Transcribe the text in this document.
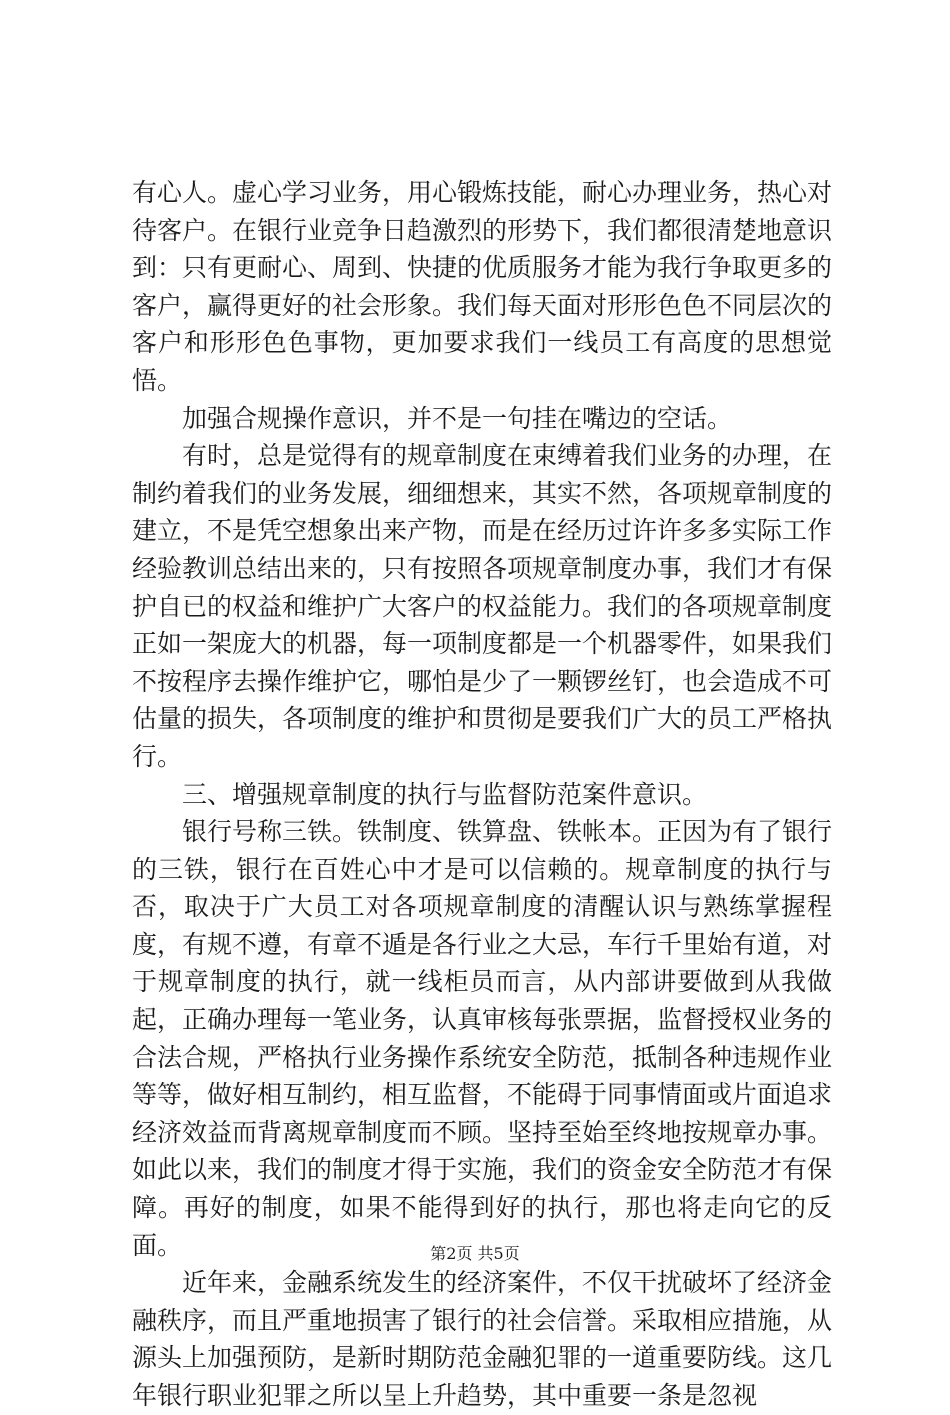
有心人。虚心学习业务，用心锻炼技能，耐心办理业务，热心对待客户。在银行业竞争日趋激烈的形势下，我们都很清楚地意识到：只有更耐心、周到、快捷的优质服务才能为我行争取更多的客户，赢得更好的社会形象。我们每天面对形形色色不同层次的客户和形形色色事物，更加要求我们一线员工有高度的思想觉悟。

加强合规操作意识，并不是一句挂在嘴边的空话。

有时，总是觉得有的规章制度在束缚着我们业务的办理，在制约着我们的业务发展，细细想来，其实不然，各项规章制度的建立，不是凭空想象出来产物，而是在经历过许许多多实际工作经验教训总结出来的，只有按照各项规章制度办事，我们才有保护自已的权益和维护广大客户的权益能力。我们的各项规章制度正如一架庞大的机器，每一项制度都是一个机器零件，如果我们不按程序去操作维护它，哪怕是少了一颗锣丝钉，也会造成不可估量的损失，各项制度的维护和贯彻是要我们广大的员工严格执行。

三、增强规章制度的执行与监督防范案件意识。

银行号称三铁。铁制度、铁算盘、铁帐本。正因为有了银行的三铁，银行在百姓心中才是可以信赖的。规章制度的执行与否，取决于广大员工对各项规章制度的清醒认识与熟练掌握程度，有规不遵，有章不遁是各行业之大忌，车行千里始有道，对于规章制度的执行，就一线柜员而言，从内部讲要做到从我做起，正确办理每一笔业务，认真审核每张票据，监督授权业务的合法合规，严格执行业务操作系统安全防范，抵制各种违规作业等等，做好相互制约，相互监督，不能碍于同事情面或片面追求经济效益而背离规章制度而不顾。坚持至始至终地按规章办事。如此以来，我们的制度才得于实施，我们的资金安全防范才有保障。再好的制度，如果不能得到好的执行，那也将走向它的反面。

近年来，金融系统发生的经济案件，不仅干扰破坏了经济金融秩序，而且严重地损害了银行的社会信誉。采取相应措施，从源头上加强预防，是新时期防范金融犯罪的一道重要防线。这几年银行职业犯罪之所以呈上升趋势，其中重要一条是忽视

第2页 共5页
